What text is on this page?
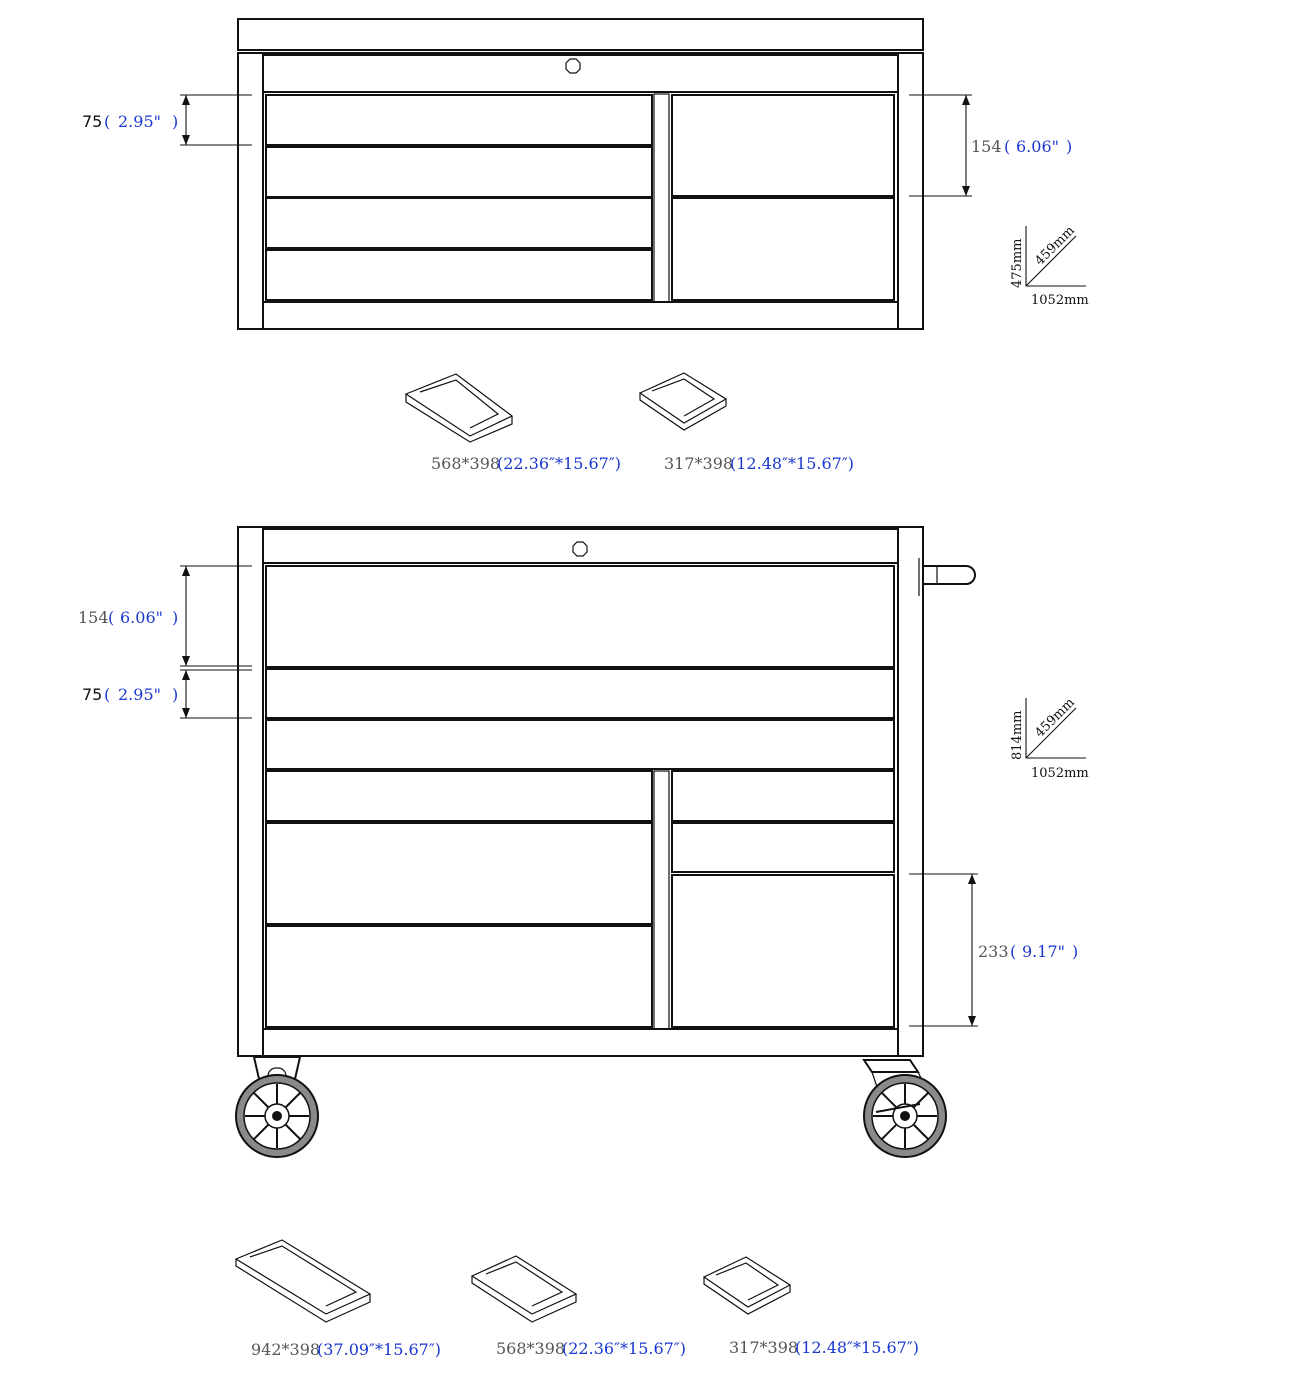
75 ( 2.95" )
154 ( 6.06" )
475mm 459mm
1052mm
568*398
(22.36″*15.67″)	317*398
(12.48″*15.67″)
154 ( 6.06" )
75 ( 2.95" )
233 ( 9.17" )
814mm 459mm
1052mm
942*398
(37.09″*15.67″)	568*398
(22.36″*15.67″)	317*398
(12.48″*15.67″)
